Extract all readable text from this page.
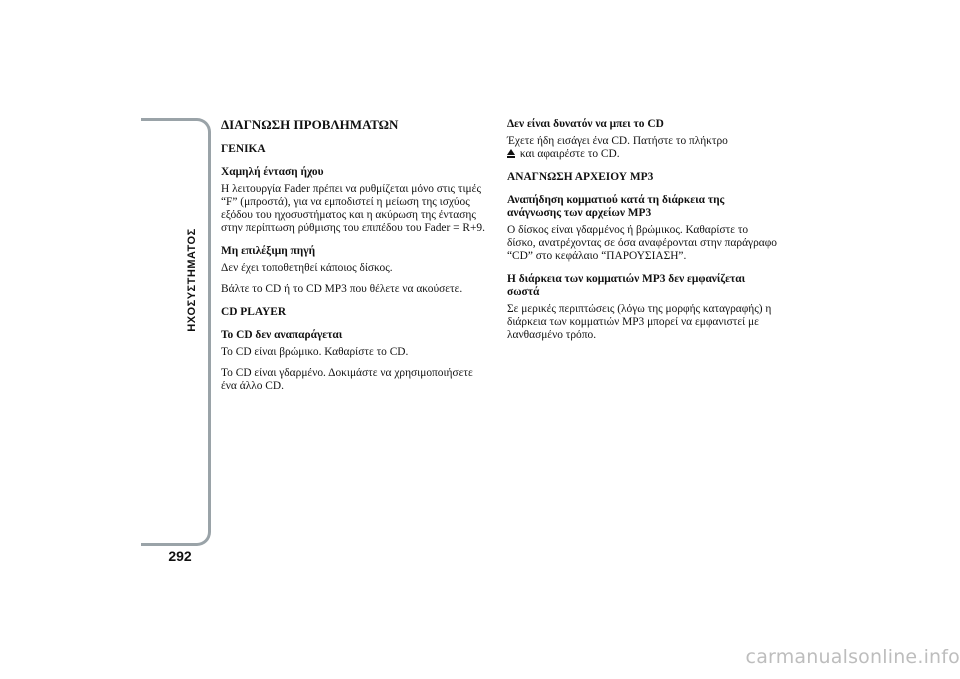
ΗΧΟΣΥΣΤΗΜΑΤΟΣ
292
ΔΙΑΓΝΩΣΗ ΠΡΟΒΛΗΜΑΤΩΝ
ΓΕΝΙΚΑ
Χαμηλή ένταση ήχου

Η λειτουργία Fader πρέπει να ρυθμίζεται μόνο στις τιμές “F” (μπροστά), για να εμποδιστεί η μείωση της ισχύος εξόδου του ηχοσυστήματος και η ακύρωση της έντασης στην περίπτωση ρύθμισης του επιπέδου του Fader = R+9.

Μη επιλέξιμη πηγή

Δεν έχει τοποθετηθεί κάποιος δίσκος.

Βάλτε το CD ή το CD MP3 που θέλετε να ακούσετε.

CD PLAYER
Το CD δεν αναπαράγεται

Το CD είναι βρώμικο. Καθαρίστε το CD.

Το CD είναι γδαρμένο. Δοκιμάστε να χρησιμοποιήσετε ένα άλλο CD.

Δεν είναι δυνατόν να μπει το CD

Έχετε ήδη εισάγει ένα CD. Πατήστε το πλήκτρο
και αφαιρέστε το CD.

ΑΝΑΓΝΩΣΗ ΑΡΧΕΙΟΥ MP3
Αναπήδηση κομματιού κατά τη διάρκεια της ανάγνωσης των αρχείων MP3

Ο δίσκος είναι γδαρμένος ή βρώμικος. Καθαρίστε το δίσκο, ανατρέχοντας σε όσα αναφέρονται στην παράγραφο “CD” στο κεφάλαιο “ΠΑΡΟΥΣΙΑΣΗ”.

Η διάρκεια των κομματιών MP3 δεν εμφανίζεται σωστά

Σε μερικές περιπτώσεις (λόγω της μορφής καταγραφής) η διάρκεια των κομματιών MP3 μπορεί να εμφανιστεί με λανθασμένο τρόπο.

carmanualsonline.info
